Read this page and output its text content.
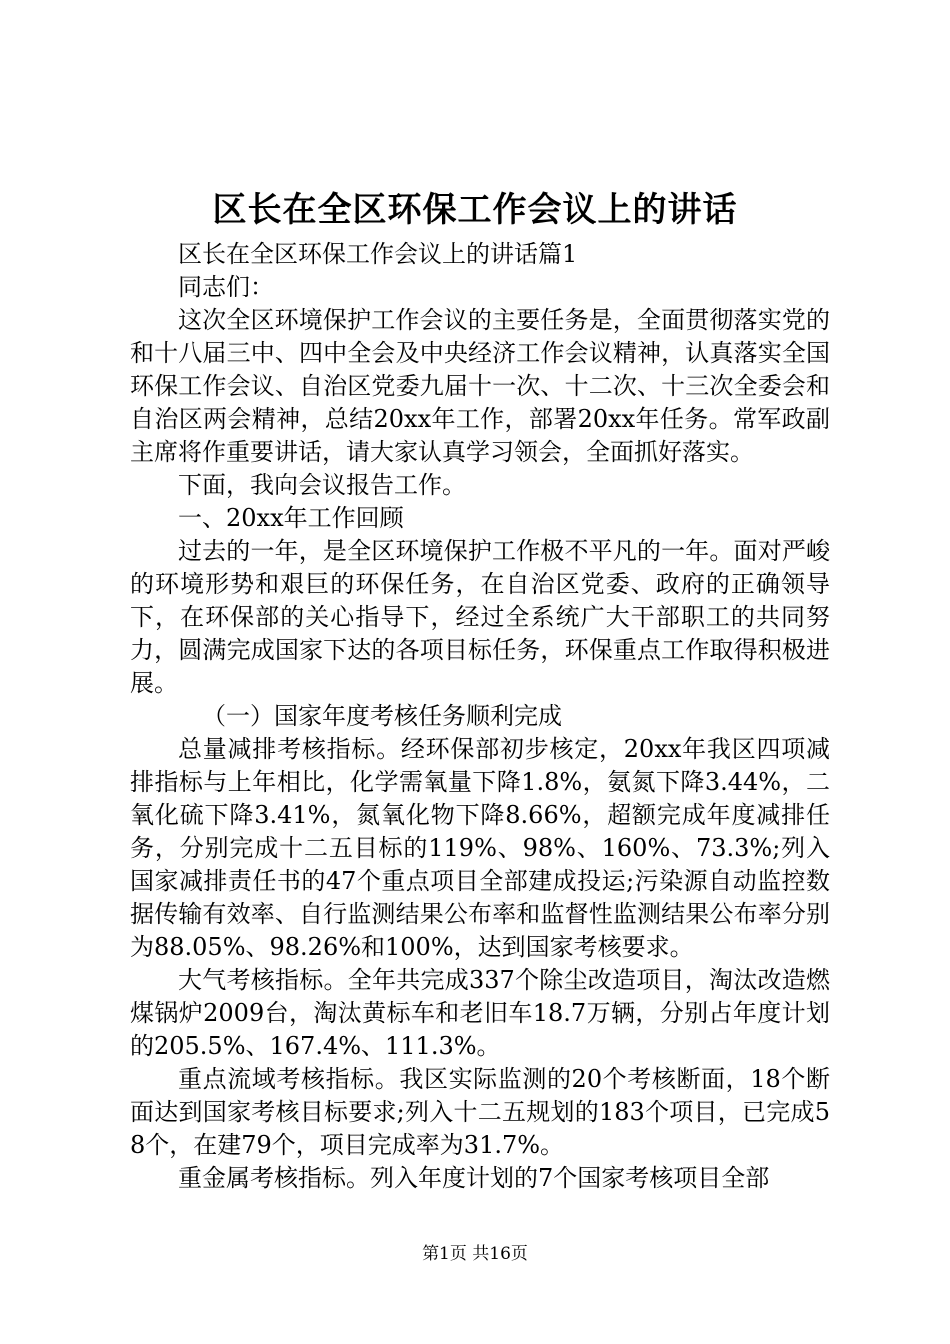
区长在全区环保工作会议上的讲话

区长在全区环保工作会议上的讲话篇1

同志们：

这次全区环境保护工作会议的主要任务是，全面贯彻落实党的和十八届三中、四中全会及中央经济工作会议精神，认真落实全国环保工作会议、自治区党委九届十一次、十二次、十三次全委会和自治区两会精神，总结20xx年工作，部署20xx年任务。常军政副主席将作重要讲话，请大家认真学习领会，全面抓好落实。

下面，我向会议报告工作。

一、20xx年工作回顾

过去的一年，是全区环境保护工作极不平凡的一年。面对严峻的环境形势和艰巨的环保任务，在自治区党委、政府的正确领导下，在环保部的关心指导下，经过全系统广大干部职工的共同努力，圆满完成国家下达的各项目标任务，环保重点工作取得积极进展。

（一）国家年度考核任务顺利完成

总量减排考核指标。经环保部初步核定，20xx年我区四项减排指标与上年相比，化学需氧量下降1.8%，氨氮下降3.44%，二氧化硫下降3.41%，氮氧化物下降8.66%，超额完成年度减排任务，分别完成十二五目标的119%、98%、160%、73.3%;列入国家减排责任书的47个重点项目全部建成投运;污染源自动监控数据传输有效率、自行监测结果公布率和监督性监测结果公布率分别为88.05%、98.26%和100%，达到国家考核要求。

大气考核指标。全年共完成337个除尘改造项目，淘汰改造燃煤锅炉2009台，淘汰黄标车和老旧车18.7万辆，分别占年度计划的205.5%、167.4%、111.3%。

重点流域考核指标。我区实际监测的20个考核断面，18个断面达到国家考核目标要求;列入十二五规划的183个项目，已完成58个，在建79个，项目完成率为31.7%。

重金属考核指标。列入年度计划的7个国家考核项目全部

第1页 共16页
